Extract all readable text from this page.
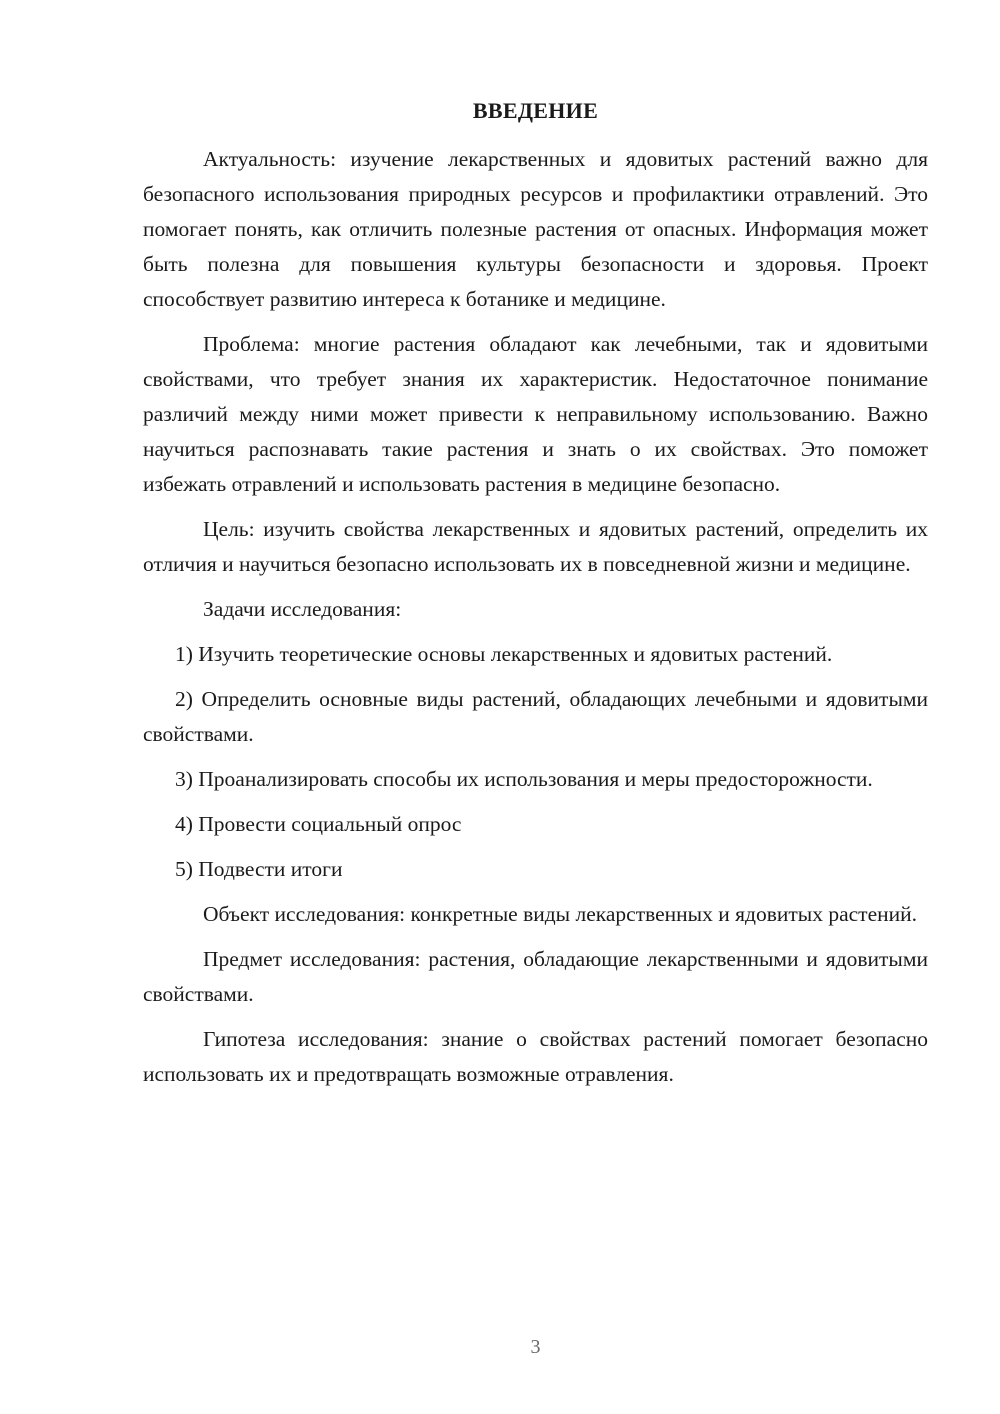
ВВЕДЕНИЕ

Актуальность: изучение лекарственных и ядовитых растений важно для безопасного использования природных ресурсов и профилактики отравлений. Это помогает понять, как отличить полезные растения от опасных. Информация может быть полезна для повышения культуры безопасности и здоровья. Проект способствует развитию интереса к ботанике и медицине.

Проблема: многие растения обладают как лечебными, так и ядовитыми свойствами, что требует знания их характеристик. Недостаточное понимание различий между ними может привести к неправильному использованию. Важно научиться распознавать такие растения и знать о их свойствах. Это поможет избежать отравлений и использовать растения в медицине безопасно.

Цель: изучить свойства лекарственных и ядовитых растений, определить их отличия и научиться безопасно использовать их в повседневной жизни и медицине.

Задачи исследования:

1) Изучить теоретические основы лекарственных и ядовитых растений.

2) Определить основные виды растений, обладающих лечебными и ядовитыми свойствами.

3) Проанализировать способы их использования и меры предосторожности.

4) Провести социальный опрос

5) Подвести итоги

Объект исследования: конкретные виды лекарственных и ядовитых растений.

Предмет исследования: растения, обладающие лекарственными и ядовитыми свойствами.

Гипотеза исследования: знание о свойствах растений помогает безопасно использовать их и предотвращать возможные отравления.

3
